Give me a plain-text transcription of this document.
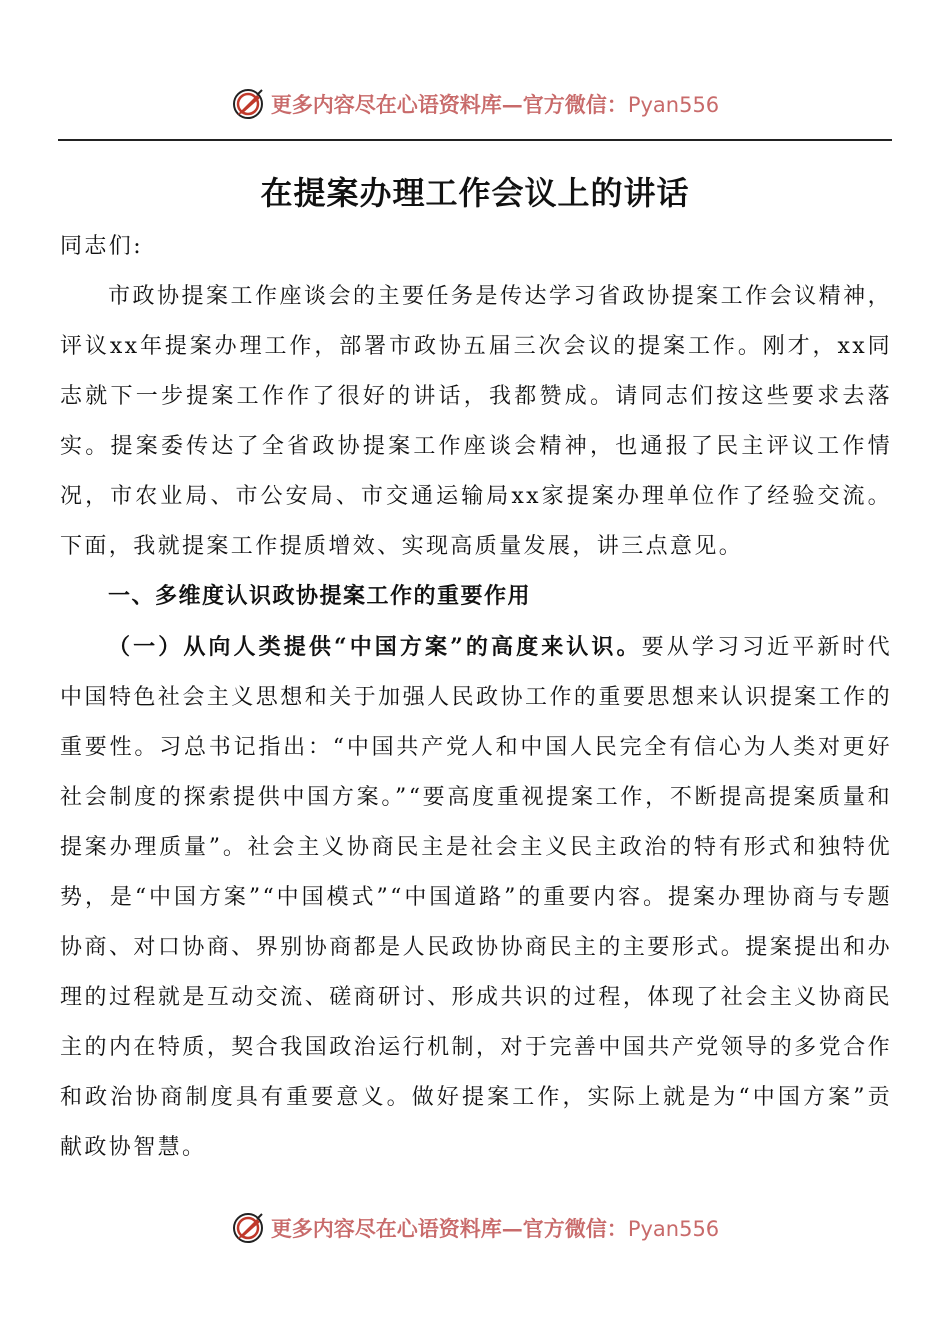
更多内容尽在心语资料库—官方微信：Pyan556
在提案办理工作会议上的讲话

同志们:

市政协提案工作座谈会的主要任务是传达学习省政协提案工作会议精神，评议xx年提案办理工作，部署市政协五届三次会议的提案工作。刚才，xx同志就下一步提案工作作了很好的讲话，我都赞成。请同志们按这些要求去落实。提案委传达了全省政协提案工作座谈会精神，也通报了民主评议工作情况，市农业局、市公安局、市交通运输局xx家提案办理单位作了经验交流。下面，我就提案工作提质增效、实现高质量发展，讲三点意见。

一、多维度认识政协提案工作的重要作用

（一）从向人类提供“中国方案”的高度来认识。要从学习习近平新时代中国特色社会主义思想和关于加强人民政协工作的重要思想来认识提案工作的重要性。习总书记指出：“中国共产党人和中国人民完全有信心为人类对更好社会制度的探索提供中国方案。”“要高度重视提案工作，不断提高提案质量和提案办理质量”。社会主义协商民主是社会主义民主政治的特有形式和独特优势，是“中国方案”“中国模式”“中国道路”的重要内容。提案办理协商与专题协商、对口协商、界别协商都是人民政协协商民主的主要形式。提案提出和办理的过程就是互动交流、磋商研讨、形成共识的过程，体现了社会主义协商民主的内在特质，契合我国政治运行机制，对于完善中国共产党领导的多党合作和政治协商制度具有重要意义。做好提案工作，实际上就是为“中国方案”贡献政协智慧。

更多内容尽在心语资料库—官方微信：Pyan556
